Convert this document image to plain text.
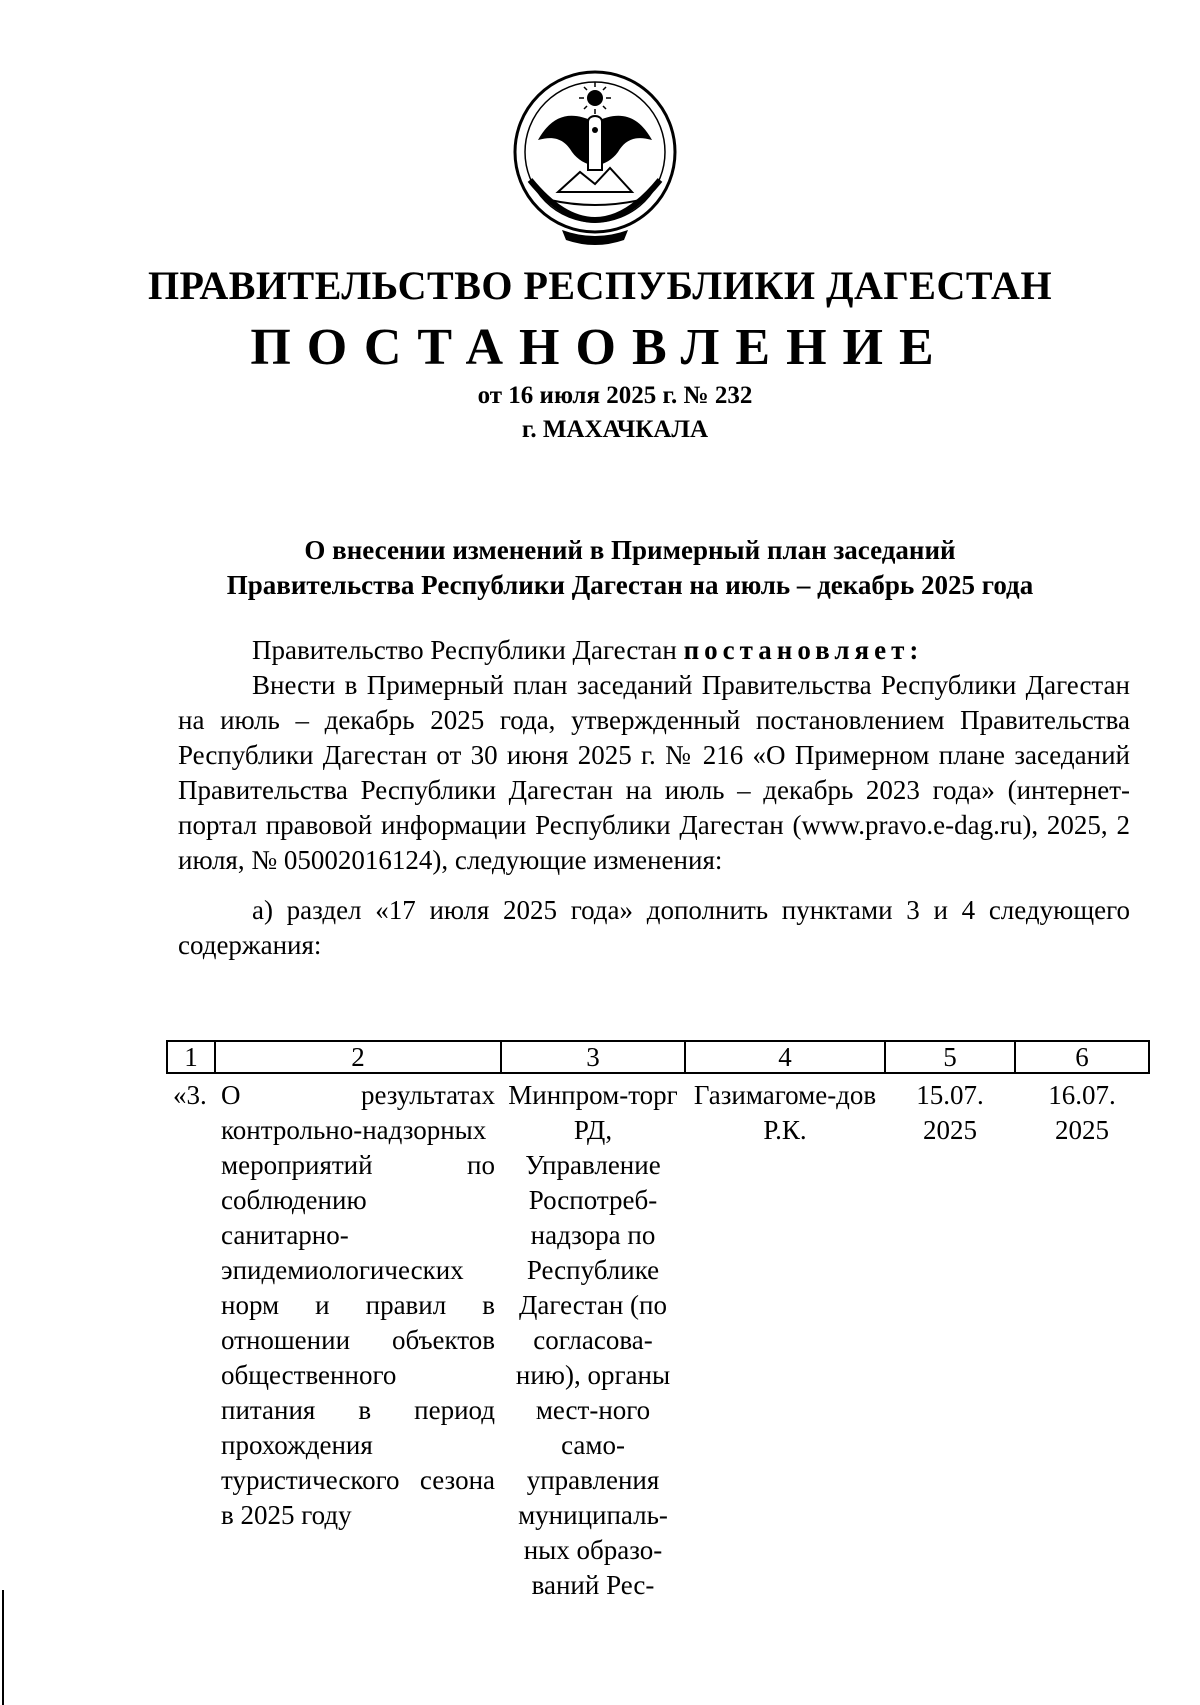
ПРАВИТЕЛЬСТВО РЕСПУБЛИКИ ДАГЕСТАН
ПОСТАНОВЛЕНИЕ
от 16 июля 2025 г. № 232
г. МАХАЧКАЛА
О внесении изменений в Примерный план заседаний
Правительства Республики Дагестан на июль – декабрь 2025 года
Правительство Республики Дагестан постановляет:
Внести в Примерный план заседаний Правительства Республики Дагестан на июль – декабрь 2025 года, утвержденный постановлением Правительства Республики Дагестан от 30 июня 2025 г. № 216 «О Примерном плане заседаний Правительства Республики Дагестан на июль – декабрь 2023 года» (интернет-портал правовой информации Республики Дагестан (www.pravo.e-dag.ru), 2025, 2 июля, № 05002016124), следующие изменения:
а) раздел «17 июля 2025 года» дополнить пунктами 3 и 4 следующего содержания:
1	2	3	4	5	6
«3.	О результатах контрольно-надзорных мероприятий по соблюдению санитарно-эпидемиологических норм и правил в отношении объектов общественного питания в период прохождения туристического сезона в 2025 году	Минпром-торг РД, Управление Роспотреб-надзора по Республике Дагестан (по согласова-нию), органы мест-ного само-управления муниципаль-ных образо-ваний Рес-	Газимагоме-дов Р.К.	15.07. 2025	16.07. 2025
